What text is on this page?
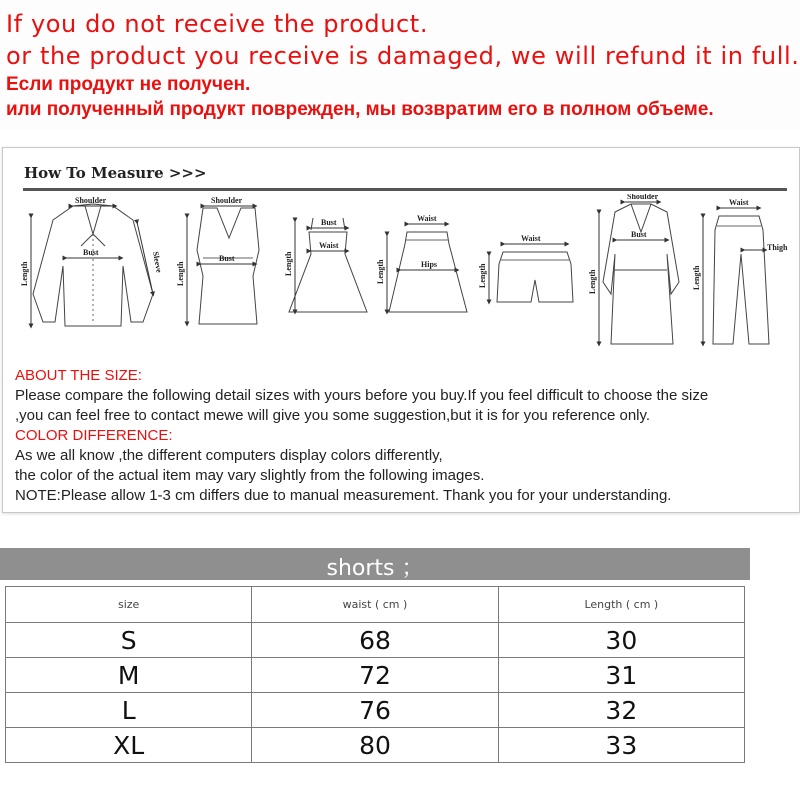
If you do not receive the product.
or the product you receive is damaged, we will refund it in full.
Если продукт не получен.
или полученный продукт поврежден, мы возвратим его в полном объеме.
How To Measure >>>
Shoulder
Bust
Length	Sleeve
Shoulder
Bust
Length
Bust
Waist
Length
Waist
Hips
Length
Waist
Length
Shoulder
Bust
Length
Waist
Thigh
Length
ABOUT THE SIZE:
Please compare the following detail sizes with yours before you buy.If you feel difficult to choose the size
,you can feel free to contact mewe will give you some suggestion,but it is for you reference only.
COLOR DIFFERENCE:
As we all know ,the different computers display colors differently,
the color of the actual item may vary slightly from the following images.
NOTE:Please allow 1-3 cm differs due to manual measurement. Thank you for your understanding.
shorts ；
size	waist ( cm )	Length ( cm )
S	68	30
M	72	31
L	76	32
XL	80	33
